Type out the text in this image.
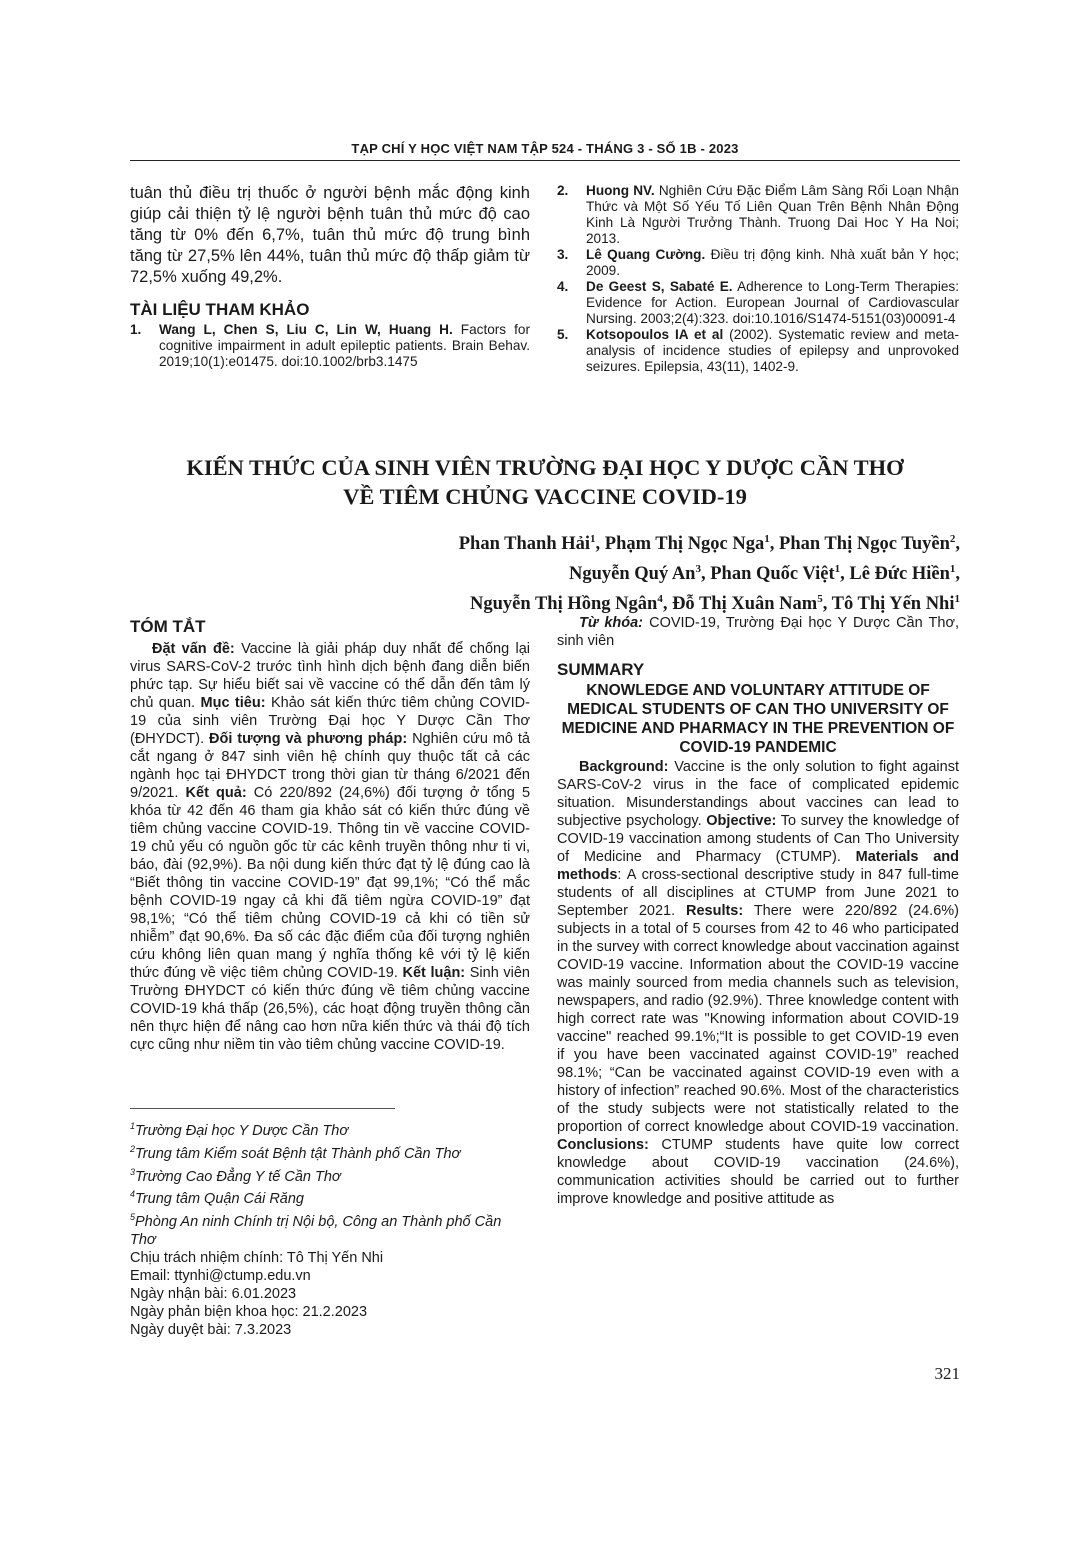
TẠP CHÍ Y HỌC VIỆT NAM TẬP 524 - THÁNG 3 - SỐ 1B - 2023

tuân thủ điều trị thuốc ở người bệnh mắc động kinh giúp cải thiện tỷ lệ người bệnh tuân thủ mức độ cao tăng từ 0% đến 6,7%, tuân thủ mức độ trung bình tăng từ 27,5% lên 44%, tuân thủ mức độ thấp giảm từ 72,5% xuống 49,2%.

TÀI LIỆU THAM KHẢO

1. Wang L, Chen S, Liu C, Lin W, Huang H. Factors for cognitive impairment in adult epileptic patients. Brain Behav. 2019;10(1):e01475. doi:10.1002/brb3.1475
2. Huong NV. Nghiên Cứu Đặc Điểm Lâm Sàng Rối Loạn Nhận Thức và Một Số Yếu Tố Liên Quan Trên Bệnh Nhân Động Kinh Là Người Trưởng Thành. Truong Dai Hoc Y Ha Noi; 2013.
3. Lê Quang Cường. Điều trị động kinh. Nhà xuất bản Y học; 2009.
4. De Geest S, Sabaté E. Adherence to Long-Term Therapies: Evidence for Action. European Journal of Cardiovascular Nursing. 2003;2(4):323. doi:10.1016/S1474-5151(03)00091-4
5. Kotsopoulos IA et al (2002). Systematic review and meta-analysis of incidence studies of epilepsy and unprovoked seizures. Epilepsia, 43(11), 1402-9.
KIẾN THỨC CỦA SINH VIÊN TRƯỜNG ĐẠI HỌC Y DƯỢC CẦN THƠ
VỀ TIÊM CHỦNG VACCINE COVID-19
Phan Thanh Hải$^1$, Phạm Thị Ngọc Nga$^1$, Phan Thị Ngọc Tuyền$^2$,
Nguyễn Quý An$^3$, Phan Quốc Việt$^1$, Lê Đức Hiền$^1$,
Nguyễn Thị Hồng Ngân$^4$, Đỗ Thị Xuân Nam$^5$, Tô Thị Yến Nhi$^1$

TÓM TẮT

Đặt vấn đề: Vaccine là giải pháp duy nhất để chống lại virus SARS-CoV-2 trước tình hình dịch bệnh đang diễn biến phức tạp. Sự hiểu biết sai về vaccine có thể dẫn đến tâm lý chủ quan. Mục tiêu: Khảo sát kiến thức tiêm chủng COVID-19 của sinh viên Trường Đại học Y Dược Cần Thơ (ĐHYDCT). Đối tượng và phương pháp: Nghiên cứu mô tả cắt ngang ở 847 sinh viên hệ chính quy thuộc tất cả các ngành học tại ĐHYDCT trong thời gian từ tháng 6/2021 đến 9/2021. Kết quả: Có 220/892 (24,6%) đối tượng ở tổng 5 khóa từ 42 đến 46 tham gia khảo sát có kiến thức đúng về tiêm chủng vaccine COVID-19. Thông tin về vaccine COVID-19 chủ yếu có nguồn gốc từ các kênh truyền thông như ti vi, báo, đài (92,9%). Ba nội dung kiến thức đạt tỷ lệ đúng cao là “Biết thông tin vaccine COVID-19” đạt 99,1%; “Có thể mắc bệnh COVID-19 ngay cả khi đã tiêm ngừa COVID-19” đạt 98,1%; “Có thể tiêm chủng COVID-19 cả khi có tiền sử nhiễm” đạt 90,6%. Đa số các đặc điểm của đối tượng nghiên cứu không liên quan mang ý nghĩa thống kê với tỷ lệ kiến thức đúng về việc tiêm chủng COVID-19. Kết luận: Sinh viên Trường ĐHYDCT có kiến thức đúng về tiêm chủng vaccine COVID-19 khá thấp (26,5%), các hoạt động truyền thông cần nên thực hiện để nâng cao hơn nữa kiến thức và thái độ tích cực cũng như niềm tin vào tiêm chủng vaccine COVID-19.

$^1$Trường Đại học Y Dược Cần Thơ

$^2$Trung tâm Kiểm soát Bệnh tật Thành phố Cần Thơ

$^3$Trường Cao Đẳng Y tế Cần Thơ

$^4$Trung tâm Quận Cái Răng

$^5$Phòng An ninh Chính trị Nội bộ, Công an Thành phố Cần Thơ

Chịu trách nhiệm chính: Tô Thị Yến Nhi

Email: ttynhi@ctump.edu.vn

Ngày nhận bài: 6.01.2023

Ngày phản biện khoa học: 21.2.2023

Ngày duyệt bài: 7.3.2023

Từ khóa: COVID-19, Trường Đại học Y Dược Cần Thơ, sinh viên

SUMMARY

KNOWLEDGE AND VOLUNTARY ATTITUDE OF MEDICAL STUDENTS OF CAN THO UNIVERSITY OF MEDICINE AND PHARMACY IN THE PREVENTION OF COVID-19 PANDEMIC

Background: Vaccine is the only solution to fight against SARS-CoV-2 virus in the face of complicated epidemic situation. Misunderstandings about vaccines can lead to subjective psychology. Objective: To survey the knowledge of COVID-19 vaccination among students of Can Tho University of Medicine and Pharmacy (CTUMP). Materials and methods: A cross-sectional descriptive study in 847 full-time students of all disciplines at CTUMP from June 2021 to September 2021. Results: There were 220/892 (24.6%) subjects in a total of 5 courses from 42 to 46 who participated in the survey with correct knowledge about vaccination against COVID-19 vaccine. Information about the COVID-19 vaccine was mainly sourced from media channels such as television, newspapers, and radio (92.9%). Three knowledge content with high correct rate was "Knowing information about COVID-19 vaccine" reached 99.1%;“It is possible to get COVID-19 even if you have been vaccinated against COVID-19” reached 98.1%; “Can be vaccinated against COVID-19 even with a history of infection” reached 90.6%. Most of the characteristics of the study subjects were not statistically related to the proportion of correct knowledge about COVID-19 vaccination. Conclusions: CTUMP students have quite low correct knowledge about COVID-19 vaccination (24.6%), communication activities should be carried out to further improve knowledge and positive attitude as

321
